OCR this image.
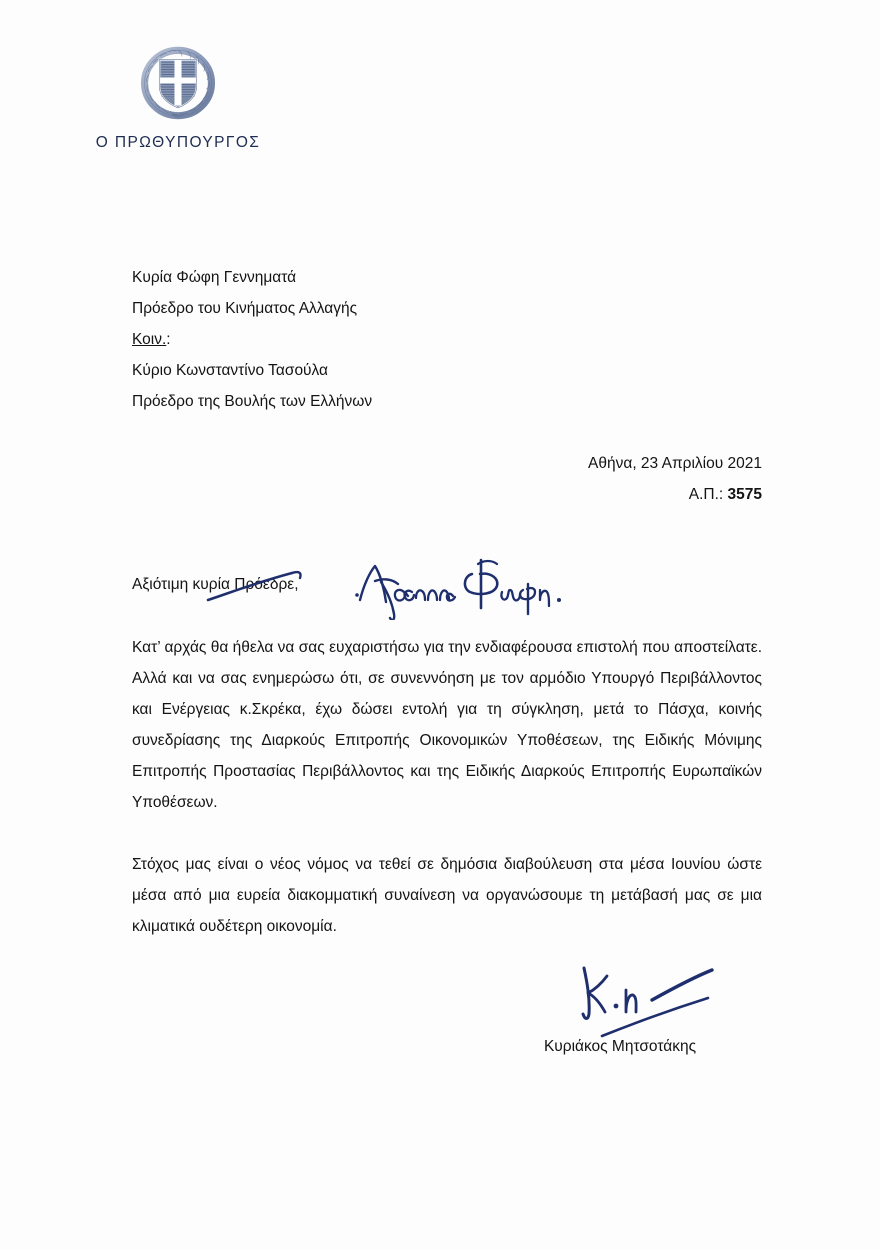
Ο ΠΡΩΘΥΠΟΥΡΓΟΣ
Κυρία Φώφη Γεννηματά
Πρόεδρο του Κινήματος Αλλαγής
Κοιν.:
Κύριο Κωνσταντίνο Τασούλα
Πρόεδρο της Βουλής των Ελλήνων
Αθήνα, 23 Απριλίου 2021
Α.Π.: 3575
Αξιότιμη κυρία Πρόεδρε,

Κατ’ αρχάς θα ήθελα να σας ευχαριστήσω για την ενδιαφέρουσα επιστολή που αποστείλατε. Αλλά και να σας ενημερώσω ότι, σε συνεννόηση με τον αρμόδιο Υπουργό Περιβάλλοντος και Ενέργειας κ.Σκρέκα, έχω δώσει εντολή για τη σύγκληση, μετά το Πάσχα, κοινής συνεδρίασης της Διαρκούς Επιτροπής Οικονομικών Υποθέσεων, της Ειδικής Μόνιμης Επιτροπής Προστασίας Περιβάλλοντος και της Ειδικής Διαρκούς Επιτροπής Ευρωπαϊκών Υποθέσεων.

Στόχος μας είναι ο νέος νόμος να τεθεί σε δημόσια διαβούλευση στα μέσα Ιουνίου ώστε μέσα από μια ευρεία διακομματική συναίνεση να οργανώσουμε τη μετάβασή μας σε μια κλιματικά ουδέτερη οικονομία.

Κυριάκος Μητσοτάκης
